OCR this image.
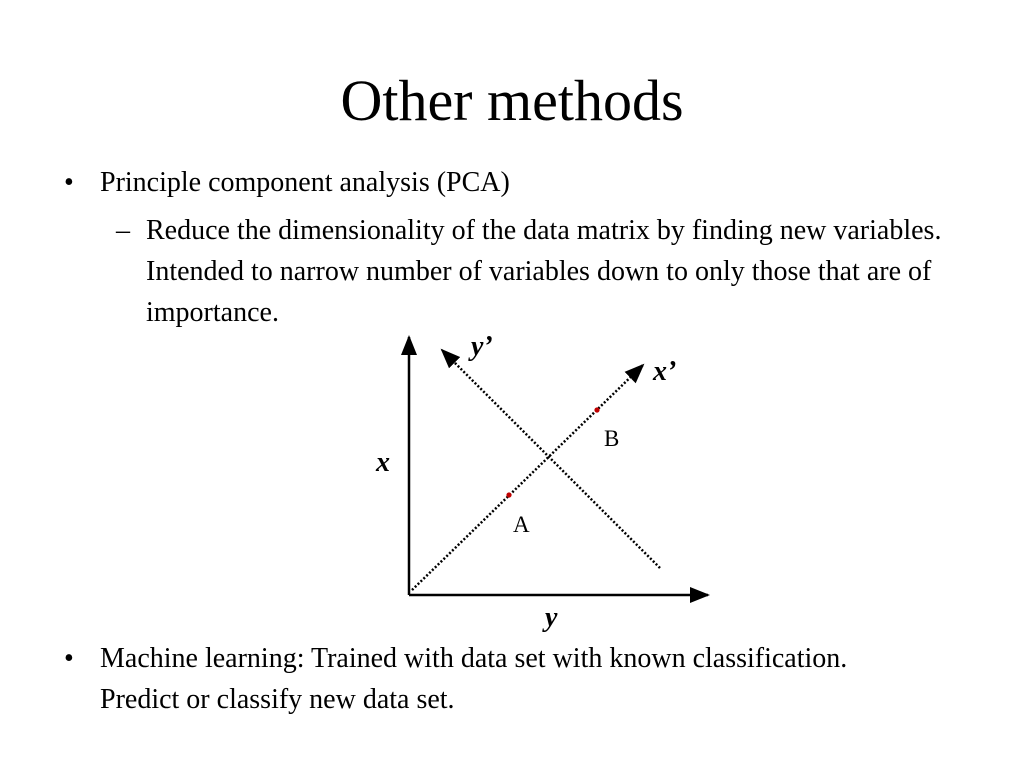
Other methods
• Principle component analysis (PCA)
– Reduce the dimensionality of the data matrix by finding new variables. Intended to narrow number of variables down to only those that are of importance.
x
y
x’
y’
A
B
• Machine learning: Trained with data set with known classification. Predict or classify new data set.
